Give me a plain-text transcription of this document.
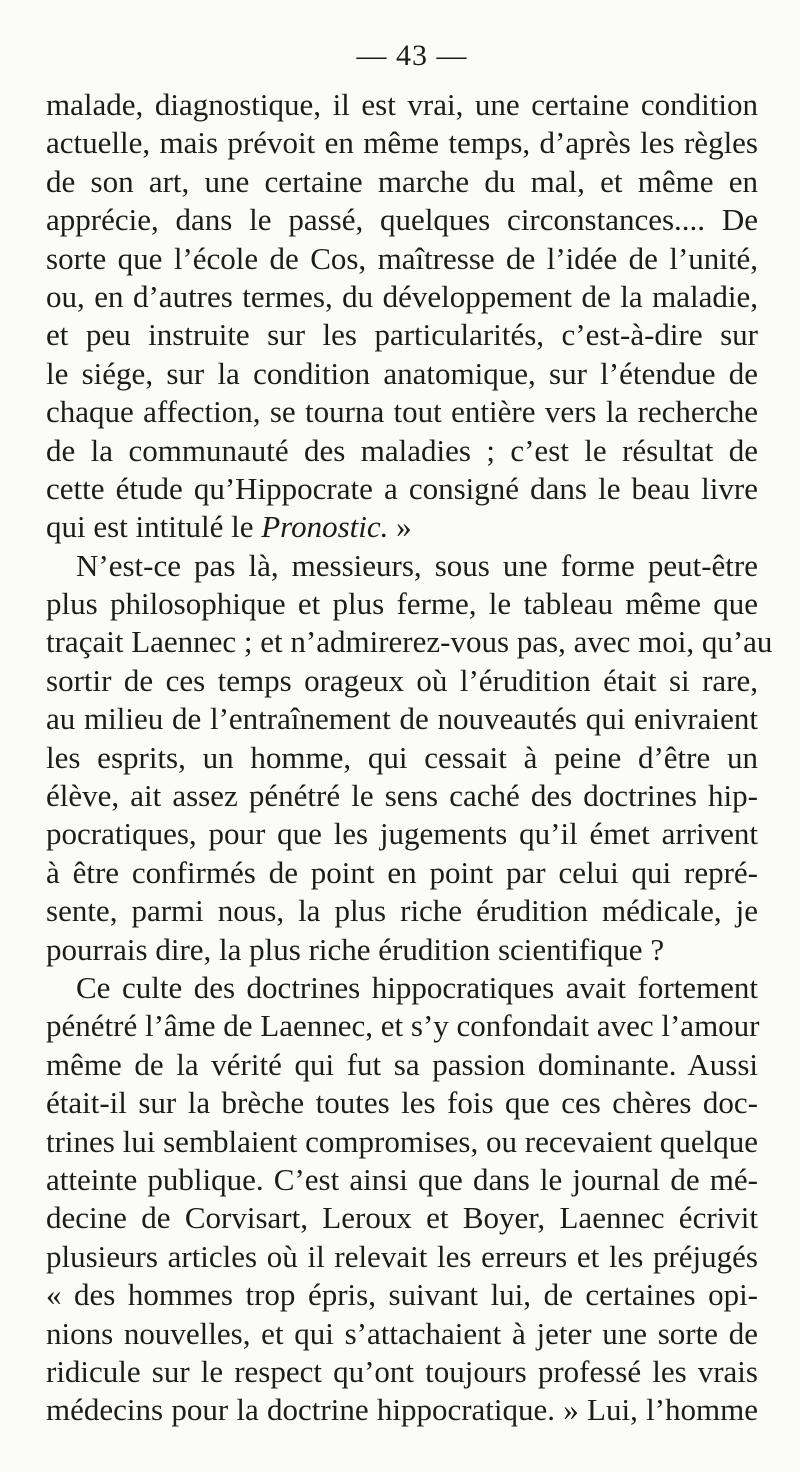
— 43 —
malade, diagnostique, il est vrai, une certaine condition
actuelle, mais prévoit en même temps, d’après les règles
de son art, une certaine marche du mal, et même en
apprécie, dans le passé, quelques circonstances.... De
sorte que l’école de Cos, maîtresse de l’idée de l’unité,
ou, en d’autres termes, du développement de la maladie,
et peu instruite sur les particularités, c’est-à-dire sur
le siége, sur la condition anatomique, sur l’étendue de
chaque affection, se tourna tout entière vers la recherche
de la communauté des maladies ; c’est le résultat de
cette étude qu’Hippocrate a consigné dans le beau livre
qui est intitulé le Pronostic. »
N’est-ce pas là, messieurs, sous une forme peut-être
plus philosophique et plus ferme, le tableau même que
traçait Laennec ; et n’admirerez-vous pas, avec moi, qu’au
sortir de ces temps orageux où l’érudition était si rare,
au milieu de l’entraînement de nouveautés qui enivraient
les esprits, un homme, qui cessait à peine d’être un
élève, ait assez pénétré le sens caché des doctrines hip-
pocratiques, pour que les jugements qu’il émet arrivent
à être confirmés de point en point par celui qui repré-
sente, parmi nous, la plus riche érudition médicale, je
pourrais dire, la plus riche érudition scientifique ?
Ce culte des doctrines hippocratiques avait fortement
pénétré l’âme de Laennec, et s’y confondait avec l’amour
même de la vérité qui fut sa passion dominante. Aussi
était-il sur la brèche toutes les fois que ces chères doc-
trines lui semblaient compromises, ou recevaient quelque
atteinte publique. C’est ainsi que dans le journal de mé-
decine de Corvisart, Leroux et Boyer, Laennec écrivit
plusieurs articles où il relevait les erreurs et les préjugés
« des hommes trop épris, suivant lui, de certaines opi-
nions nouvelles, et qui s’attachaient à jeter une sorte de
ridicule sur le respect qu’ont toujours professé les vrais
médecins pour la doctrine hippocratique. » Lui, l’homme
